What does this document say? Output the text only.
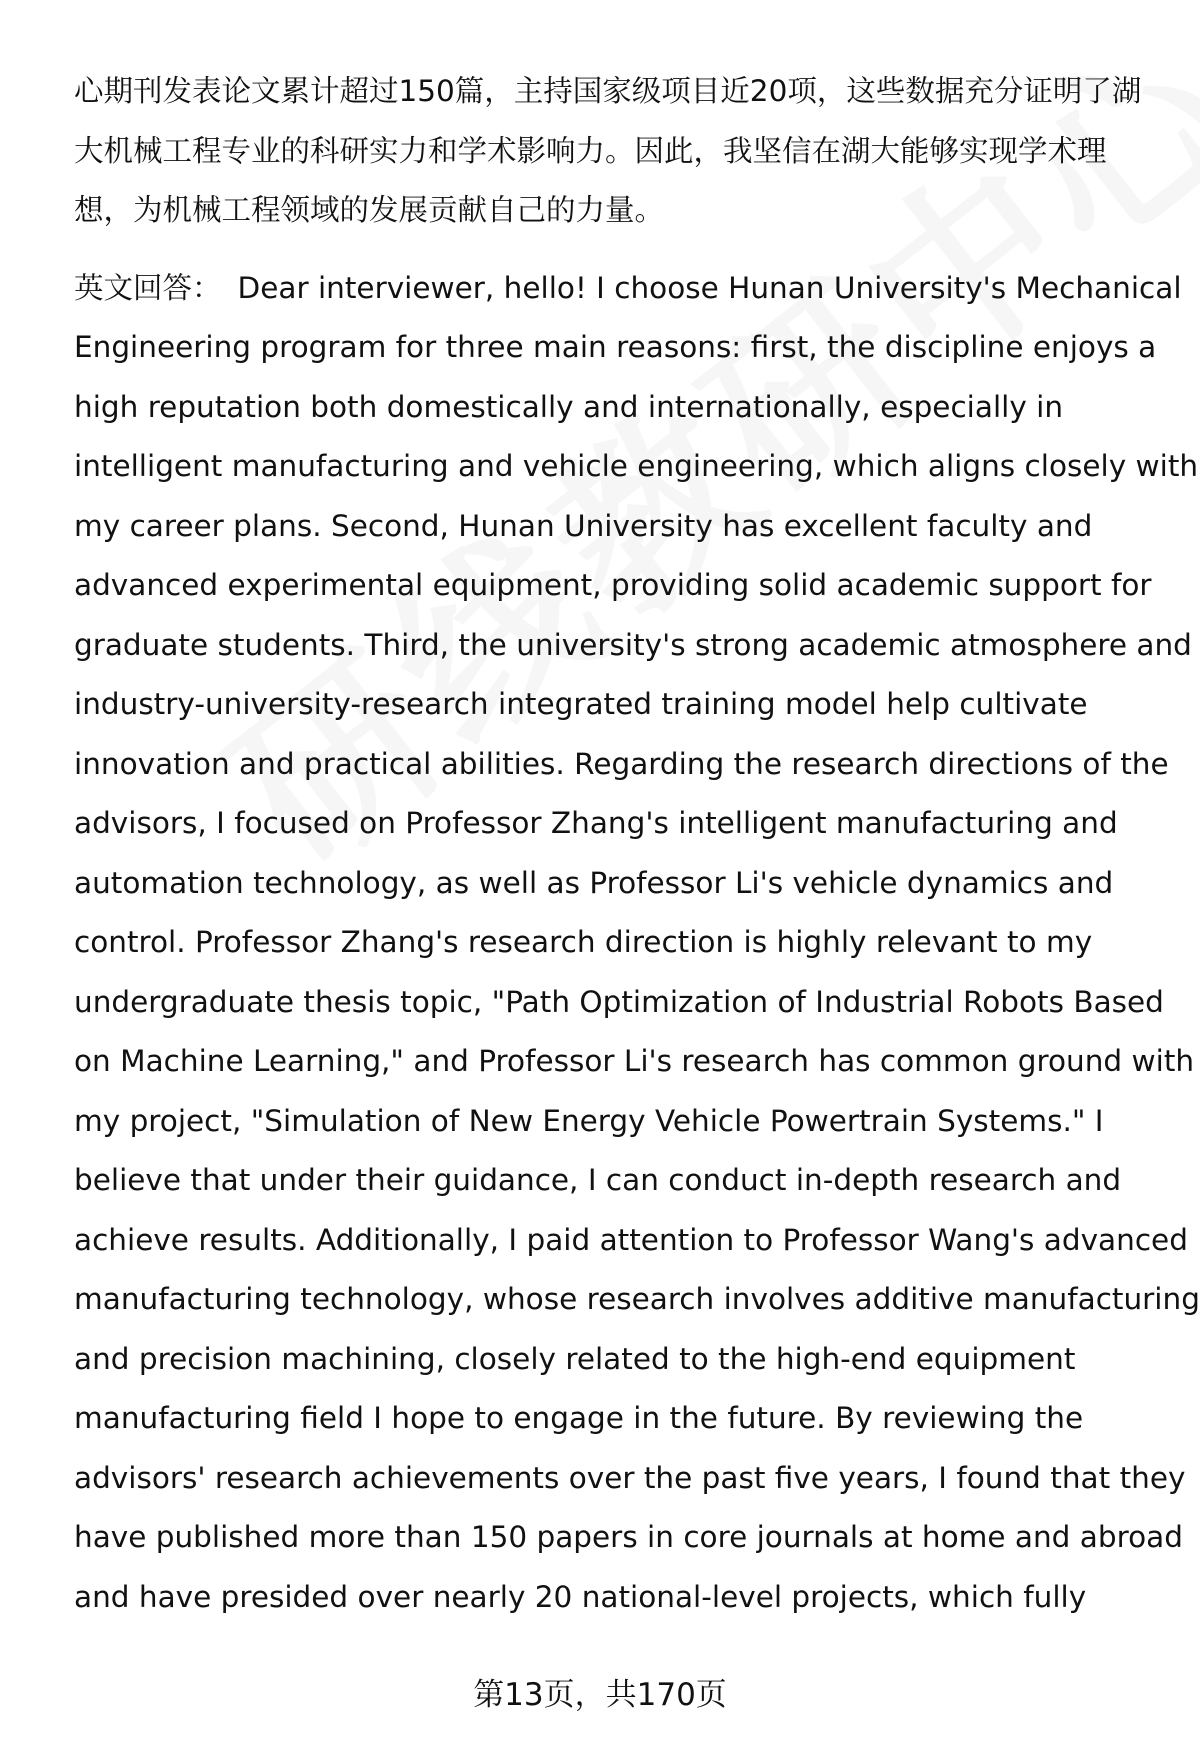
心期刊发表论文累计超过150篇，主持国家级项目近20项，这些数据充分证明了湖
大机械工程专业的科研实力和学术影响力。因此，我坚信在湖大能够实现学术理
想，为机械工程领域的发展贡献自己的力量。
英文回答： Dear interviewer, hello! I choose Hunan University's Mechanical
Engineering program for three main reasons: first, the discipline enjoys a
high reputation both domestically and internationally, especially in
intelligent manufacturing and vehicle engineering, which aligns closely with
my career plans. Second, Hunan University has excellent faculty and
advanced experimental equipment, providing solid academic support for
graduate students. Third, the university's strong academic atmosphere and
industry-university-research integrated training model help cultivate
innovation and practical abilities. Regarding the research directions of the
advisors, I focused on Professor Zhang's intelligent manufacturing and
automation technology, as well as Professor Li's vehicle dynamics and
control. Professor Zhang's research direction is highly relevant to my
undergraduate thesis topic, "Path Optimization of Industrial Robots Based
on Machine Learning," and Professor Li's research has common ground with
my project, "Simulation of New Energy Vehicle Powertrain Systems." I
believe that under their guidance, I can conduct in-depth research and
achieve results. Additionally, I paid attention to Professor Wang's advanced
manufacturing technology, whose research involves additive manufacturing
and precision machining, closely related to the high-end equipment
manufacturing field I hope to engage in the future. By reviewing the
advisors' research achievements over the past five years, I found that they
have published more than 150 papers in core journals at home and abroad
and have presided over nearly 20 national-level projects, which fully
第13页，共170页
